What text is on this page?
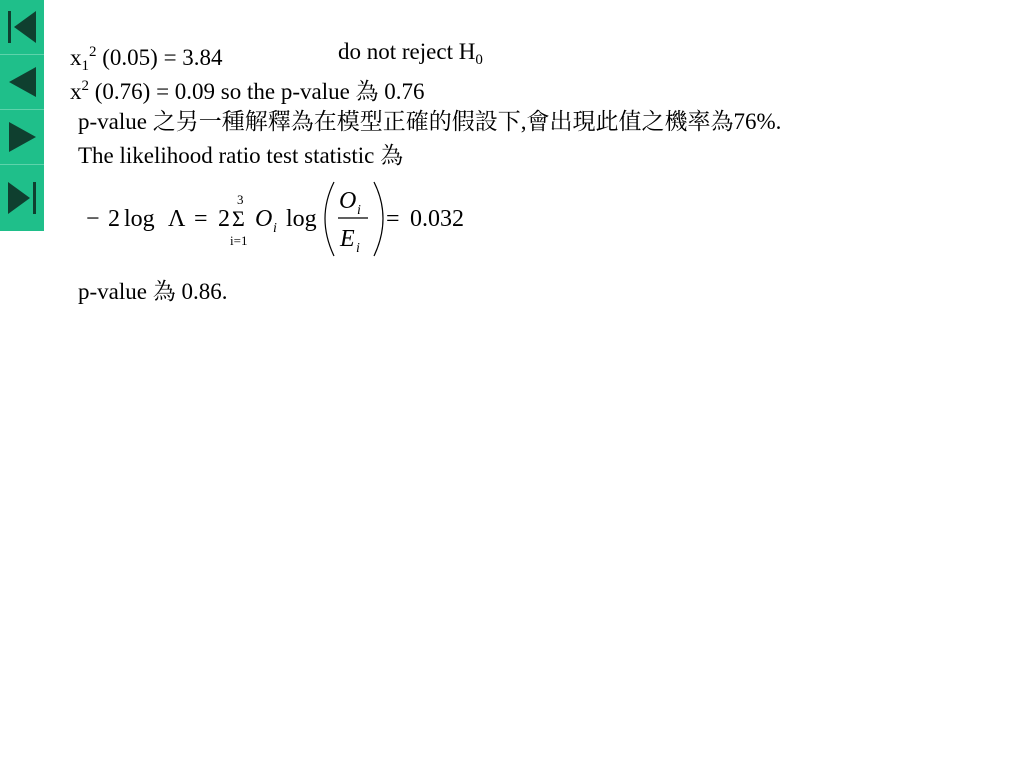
$x_1^2$ (0.05) = 3.84	do not reject $H_0$
$x^2$ (0.76) = 0.09 so the p-value 為 0.76
p-value 之另一種解釋為在模型正確的假設下,會出現此值之機率為76%.
The likelihood ratio test statistic 為
− 2 log Λ = 2 Σ
3
i=1
O i log
O i
E i
= 0.032
p-value 為 0.86.
